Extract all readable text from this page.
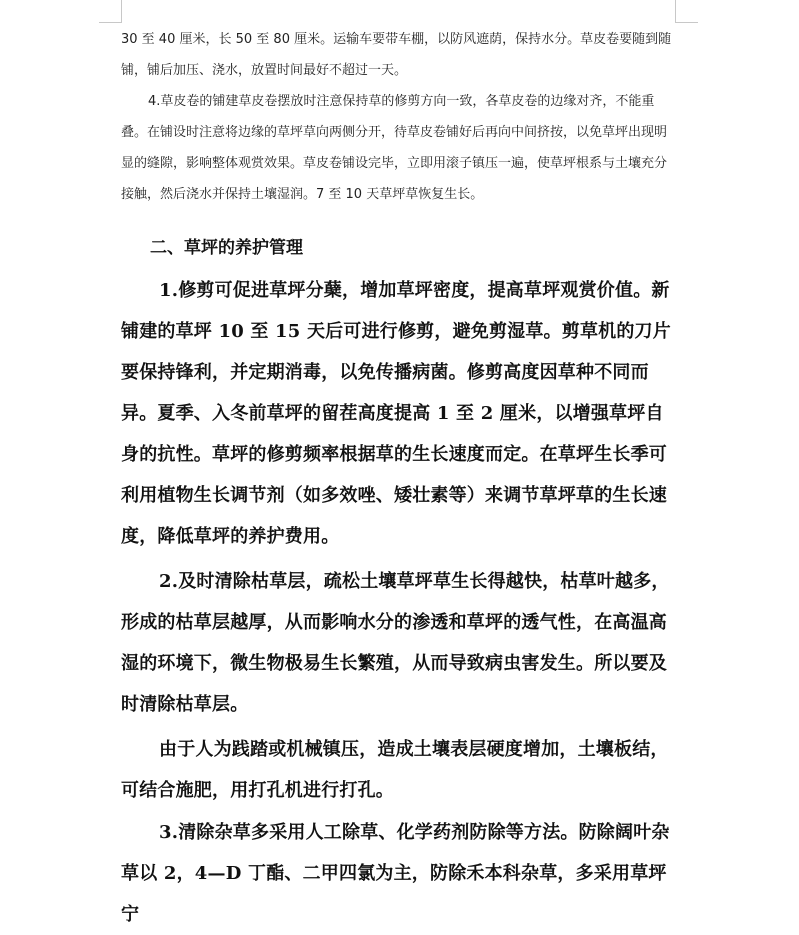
30 至 40 厘米，长 50 至 80 厘米。运输车要带车棚，以防风遮荫，保持水分。草皮卷要随到随铺，铺后加压、浇水，放置时间最好不超过一天。

4.草皮卷的铺建草皮卷摆放时注意保持草的修剪方向一致，各草皮卷的边缘对齐，不能重叠。在铺设时注意将边缘的草坪草向两侧分开，待草皮卷铺好后再向中间挤按，以免草坪出现明显的缝隙，影响整体观赏效果。草皮卷铺设完毕，立即用滚子镇压一遍，使草坪根系与土壤充分接触，然后浇水并保持土壤湿润。7 至 10 天草坪草恢复生长。

二、草坪的养护管理

1.修剪可促进草坪分蘖，增加草坪密度，提高草坪观赏价值。新铺建的草坪 10 至 15 天后可进行修剪，避免剪湿草。剪草机的刀片要保持锋利，并定期消毒，以免传播病菌。修剪高度因草种不同而异。夏季、入冬前草坪的留茬高度提高 1 至 2 厘米，以增强草坪自身的抗性。草坪的修剪频率根据草的生长速度而定。在草坪生长季可利用植物生长调节剂（如多效唑、矮壮素等）来调节草坪草的生长速度，降低草坪的养护费用。

2.及时清除枯草层，疏松土壤草坪草生长得越快，枯草叶越多，形成的枯草层越厚，从而影响水分的渗透和草坪的透气性，在高温高湿的环境下，微生物极易生长繁殖，从而导致病虫害发生。所以要及时清除枯草层。

由于人为践踏或机械镇压，造成土壤表层硬度增加，土壤板结，可结合施肥，用打孔机进行打孔。

3.清除杂草多采用人工除草、化学药剂防除等方法。防除阔叶杂草以 2，4—D 丁酯、二甲四氯为主，防除禾本科杂草，多采用草坪宁
